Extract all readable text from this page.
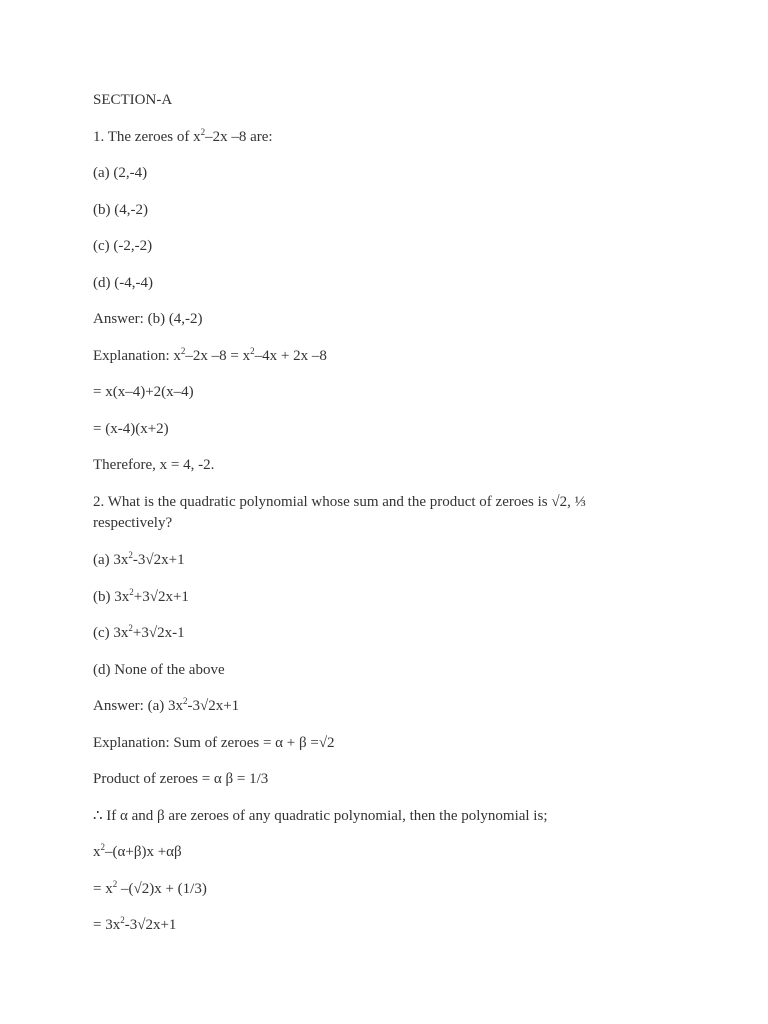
SECTION-A
1. The zeroes of $x^2-2x$ –8 are:
(a) (2,-4)
(b) (4,-2)
(c) (-2,-2)
(d) (-4,-4)
Answer: (b) (4,-2)
Explanation: $x^2-2x$ $-8 = x^2-4x + 2x$ –8
= x(x–4)+2(x–4)
= (x-4)(x+2)
Therefore, x = 4, -2.
2. What is the quadratic polynomial whose sum and the product of zeroes is √2, ⅓ respectively?
(a) $3x^2-3√2x+1$
(b) $3x^2+3√2x+1$
(c) $3x^2+3√2x-1$
(d) None of the above
Answer: (a) $3x^2-3√2x+1$
Explanation: Sum of zeroes = α + β =√2
Product of zeroes = α β = 1/3
∴ If α and β are zeroes of any quadratic polynomial, then the polynomial is;
$x^2-(\alpha+\beta)x +\alpha\beta$
= $x^2$ –(√2)x + (1/3)
= $3x^2-3√2x+1$
